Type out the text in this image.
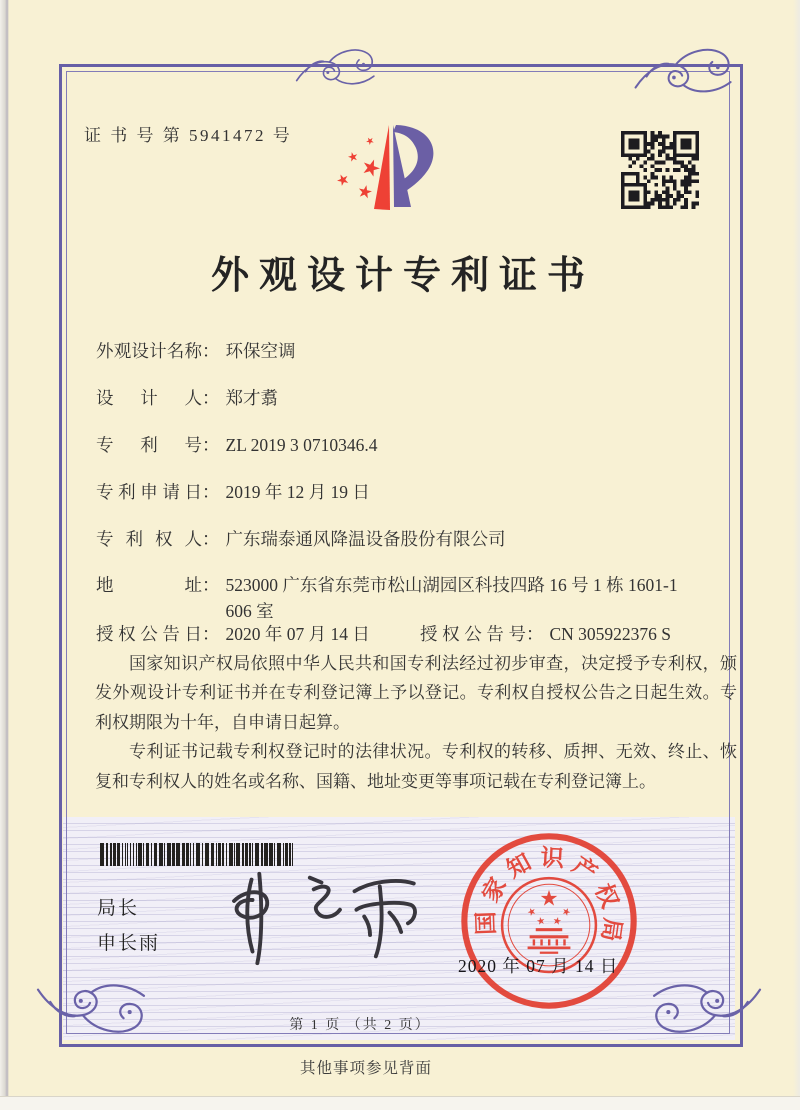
证 书 号 第 5941472 号
外观设计专利证书
外观设计名称： 环保空调
设计人： 郑才翥
专利号： ZL 2019 3 0710346.4
专利申请日： 2019 年 12 月 19 日
专利权人： 广东瑞泰通风降温设备股份有限公司
地址： 523000 广东省东莞市松山湖园区科技四路 16 号 1 栋 1601-1
606 室
授权公告日： 2020 年 07 月 14 日	授权公告号： CN 305922376 S

国家知识产权局依照中华人民共和国专利法经过初步审查，决定授予专利权，颁发外观设计专利证书并在专利登记簿上予以登记。专利权自授权公告之日起生效。专利权期限为十年，自申请日起算。

专利证书记载专利权登记时的法律状况。专利权的转移、质押、无效、终止、恢复和专利权人的姓名或名称、国籍、地址变更等事项记载在专利登记簿上。

局长
申长雨
国
家
知 识 产
权
局
2020 年 07 月 14 日
第 1 页 （共 2 页）
其他事项参见背面
